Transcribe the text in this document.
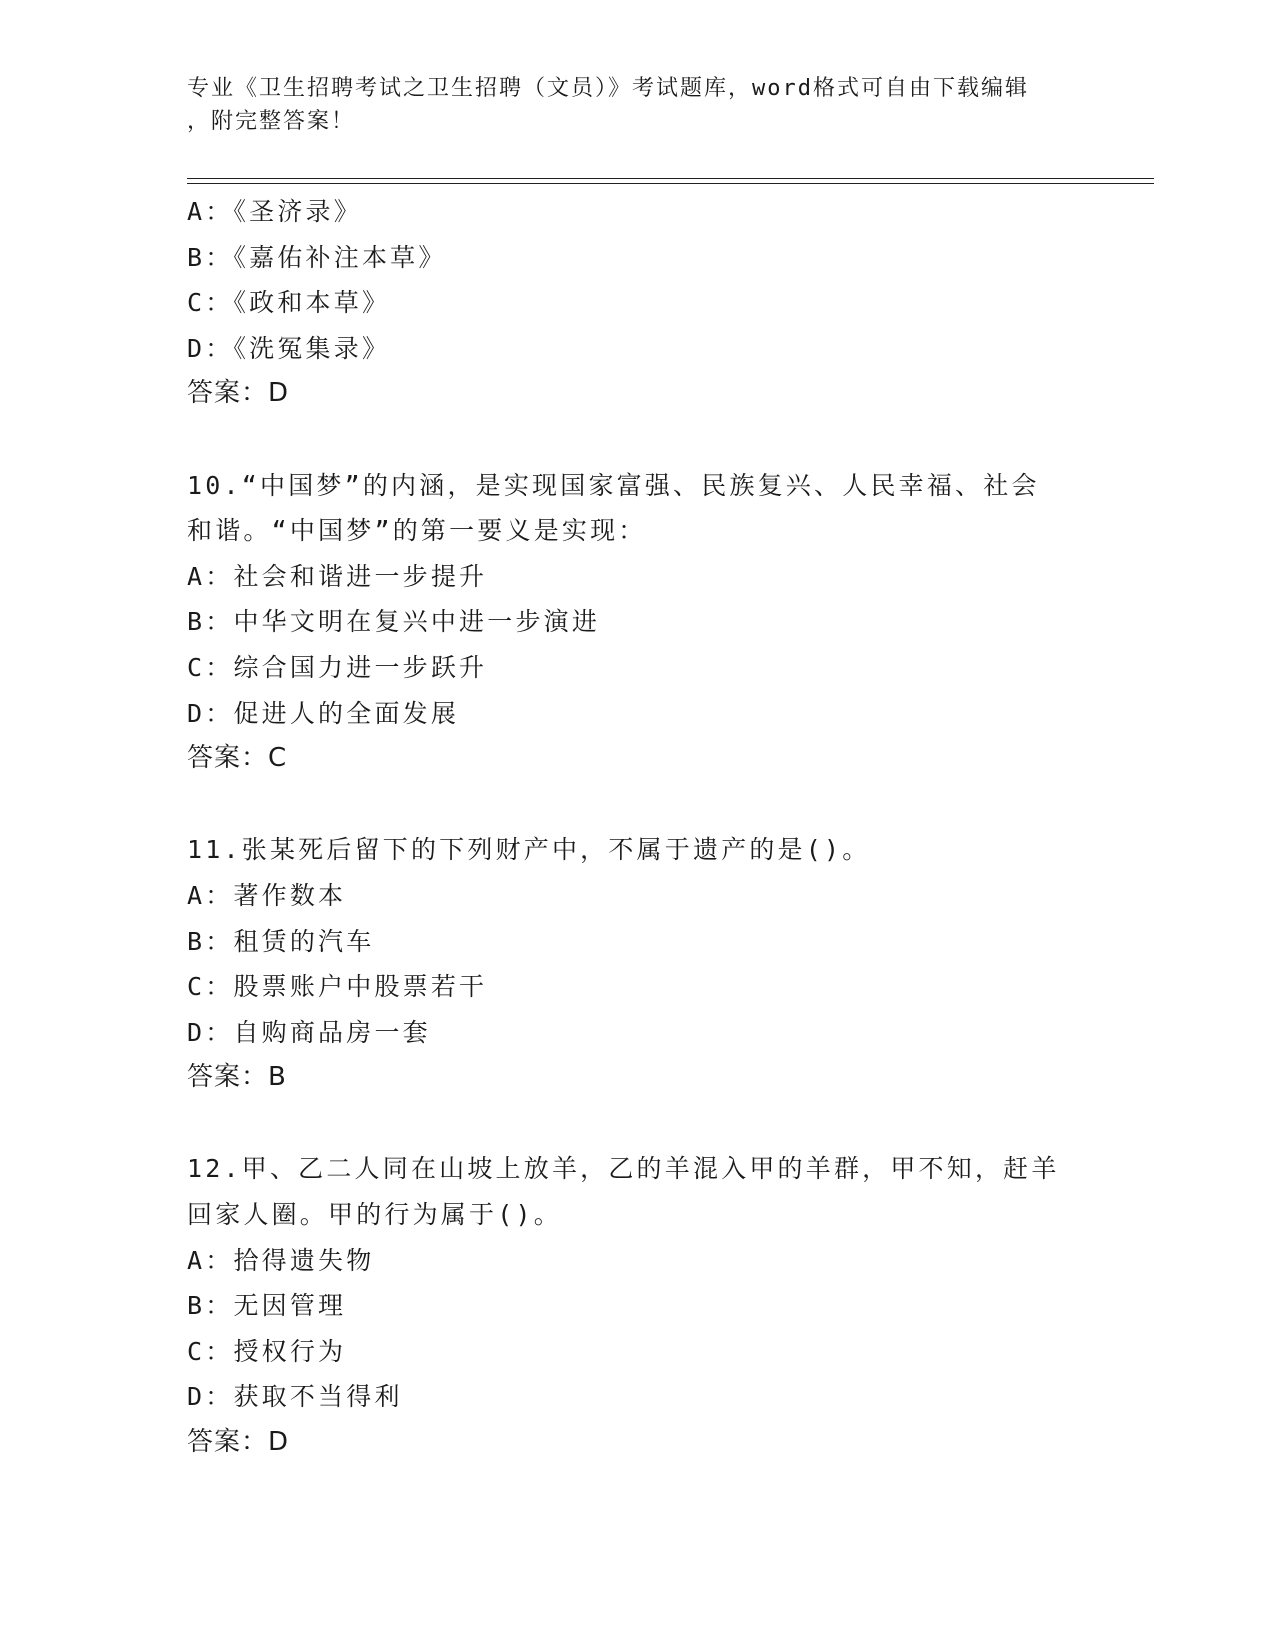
专业《卫生招聘考试之卫生招聘（文员）》考试题库，word格式可自由下载编辑
，附完整答案！
A：《圣济录》
B：《嘉佑补注本草》
C：《政和本草》
D：《洗冤集录》
答案：D
10.“中国梦”的内涵，是实现国家富强、民族复兴、人民幸福、社会
和谐。“中国梦”的第一要义是实现：
A：社会和谐进一步提升
B：中华文明在复兴中进一步演进
C：综合国力进一步跃升
D：促进人的全面发展
答案：C
11.张某死后留下的下列财产中，不属于遗产的是()。
A：著作数本
B：租赁的汽车
C：股票账户中股票若干
D：自购商品房一套
答案：B
12.甲、乙二人同在山坡上放羊，乙的羊混入甲的羊群，甲不知，赶羊
回家人圈。甲的行为属于()。
A：拾得遗失物
B：无因管理
C：授权行为
D：获取不当得利
答案：D
